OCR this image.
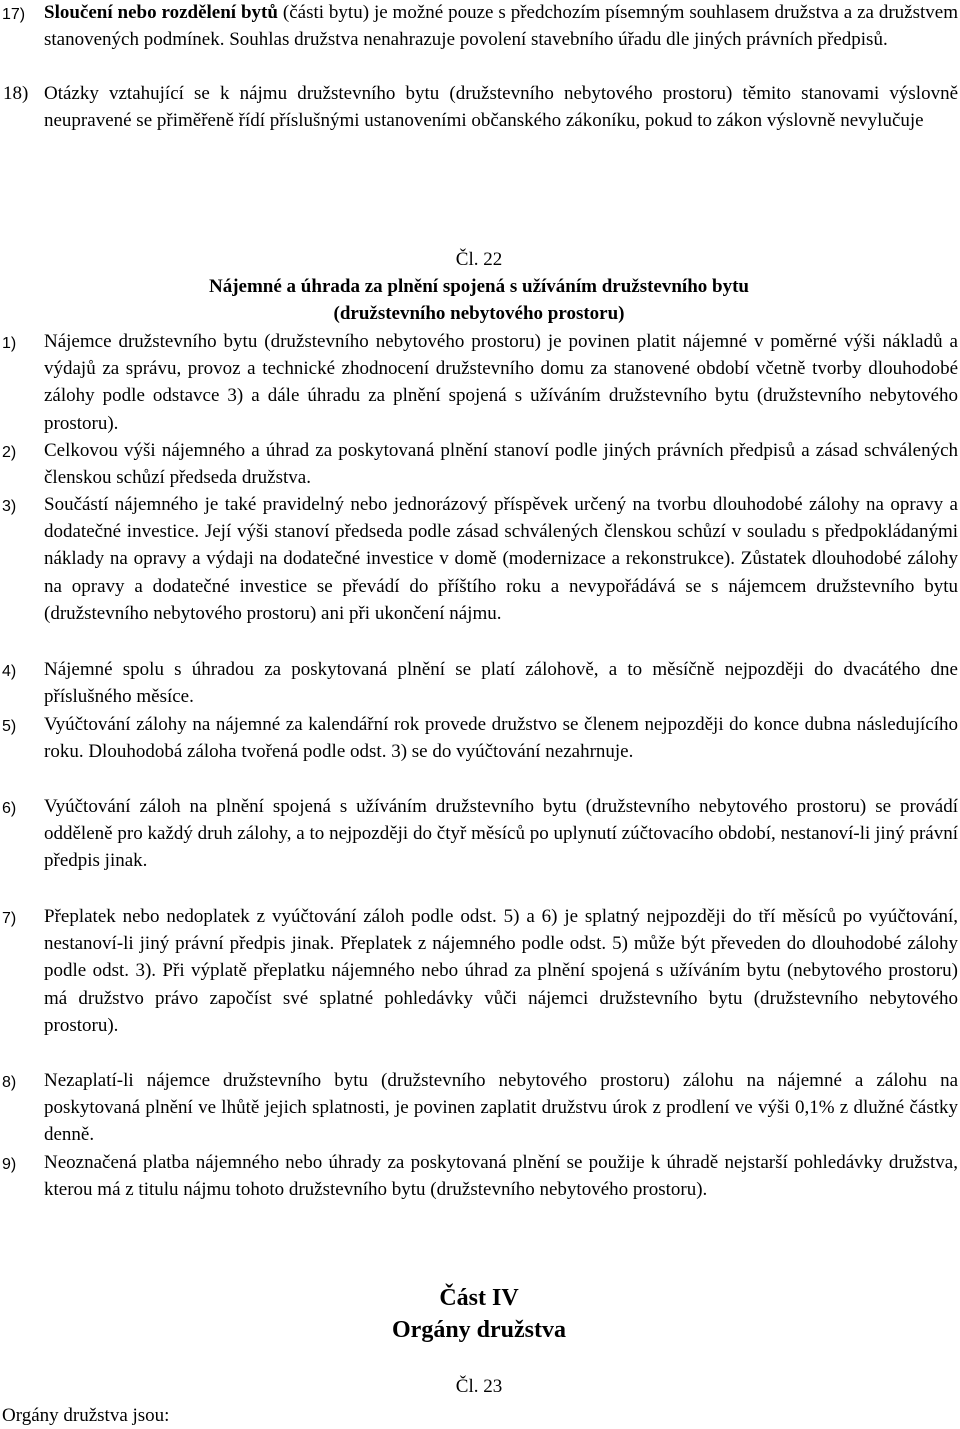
17) Sloučení nebo rozdělení bytů (části bytu) je možné pouze s předchozím písemným souhlasem družstva a za družstvem stanovených podmínek. Souhlas družstva nenahrazuje povolení stavebního úřadu dle jiných právních předpisů.
18) Otázky vztahující se k nájmu družstevního bytu (družstevního nebytového prostoru) těmito stanovami výslovně neupravené se přiměřeně řídí příslušnými ustanoveními občanského zákoníku, pokud to zákon výslovně nevylučuje
Čl. 22
Nájemné a úhrada za plnění spojená s užíváním družstevního bytu
(družstevního nebytového prostoru)
1) Nájemce družstevního bytu (družstevního nebytového prostoru) je povinen platit nájemné v poměrné výši nákladů a výdajů za správu, provoz a technické zhodnocení družstevního domu za stanovené období včetně tvorby dlouhodobé zálohy podle odstavce 3) a dále úhradu za plnění spojená s užíváním družstevního bytu (družstevního nebytového prostoru).
2) Celkovou výši nájemného a úhrad za poskytovaná plnění stanoví podle jiných právních předpisů a zásad schválených členskou schůzí předseda družstva.
3) Součástí nájemného je také pravidelný nebo jednorázový příspěvek určený na tvorbu dlouhodobé zálohy na opravy a dodatečné investice. Její výši stanoví předseda podle zásad schválených členskou schůzí v souladu s předpokládanými náklady na opravy a výdaji na dodatečné investice v domě (modernizace a rekonstrukce). Zůstatek dlouhodobé zálohy na opravy a dodatečné investice se převádí do příštího roku a nevypořádává se s nájemcem družstevního bytu (družstevního nebytového prostoru) ani při ukončení nájmu.
4) Nájemné spolu s úhradou za poskytovaná plnění se platí zálohově, a to měsíčně nejpozději do dvacátého dne příslušného měsíce.
5) Vyúčtování zálohy na nájemné za kalendářní rok provede družstvo se členem nejpozději do konce dubna následujícího roku. Dlouhodobá záloha tvořená podle odst. 3) se do vyúčtování nezahrnuje.
6) Vyúčtování záloh na plnění spojená s užíváním družstevního bytu (družstevního nebytového prostoru) se provádí odděleně pro každý druh zálohy, a to nejpozději do čtyř měsíců po uplynutí zúčtovacího období, nestanoví-li jiný právní předpis jinak.
7) Přeplatek nebo nedoplatek z vyúčtování záloh podle odst. 5) a 6) je splatný nejpozději do tří měsíců po vyúčtování, nestanoví-li jiný právní předpis jinak. Přeplatek z nájemného podle odst. 5) může být převeden do dlouhodobé zálohy podle odst. 3). Při výplatě přeplatku nájemného nebo úhrad za plnění spojená s užíváním bytu (nebytového prostoru) má družstvo právo započíst své splatné pohledávky vůči nájemci družstevního bytu (družstevního nebytového prostoru).
8) Nezaplatí-li nájemce družstevního bytu (družstevního nebytového prostoru) zálohu na nájemné a zálohu na poskytovaná plnění ve lhůtě jejich splatnosti, je povinen zaplatit družstvu úrok z prodlení ve výši 0,1% z dlužné částky denně.
9) Neoznačená platba nájemného nebo úhrady za poskytovaná plnění se použije k úhradě nejstarší pohledávky družstva, kterou má z titulu nájmu tohoto družstevního bytu (družstevního nebytového prostoru).
Část IV
Orgány družstva
Čl. 23
Orgány družstva jsou:
